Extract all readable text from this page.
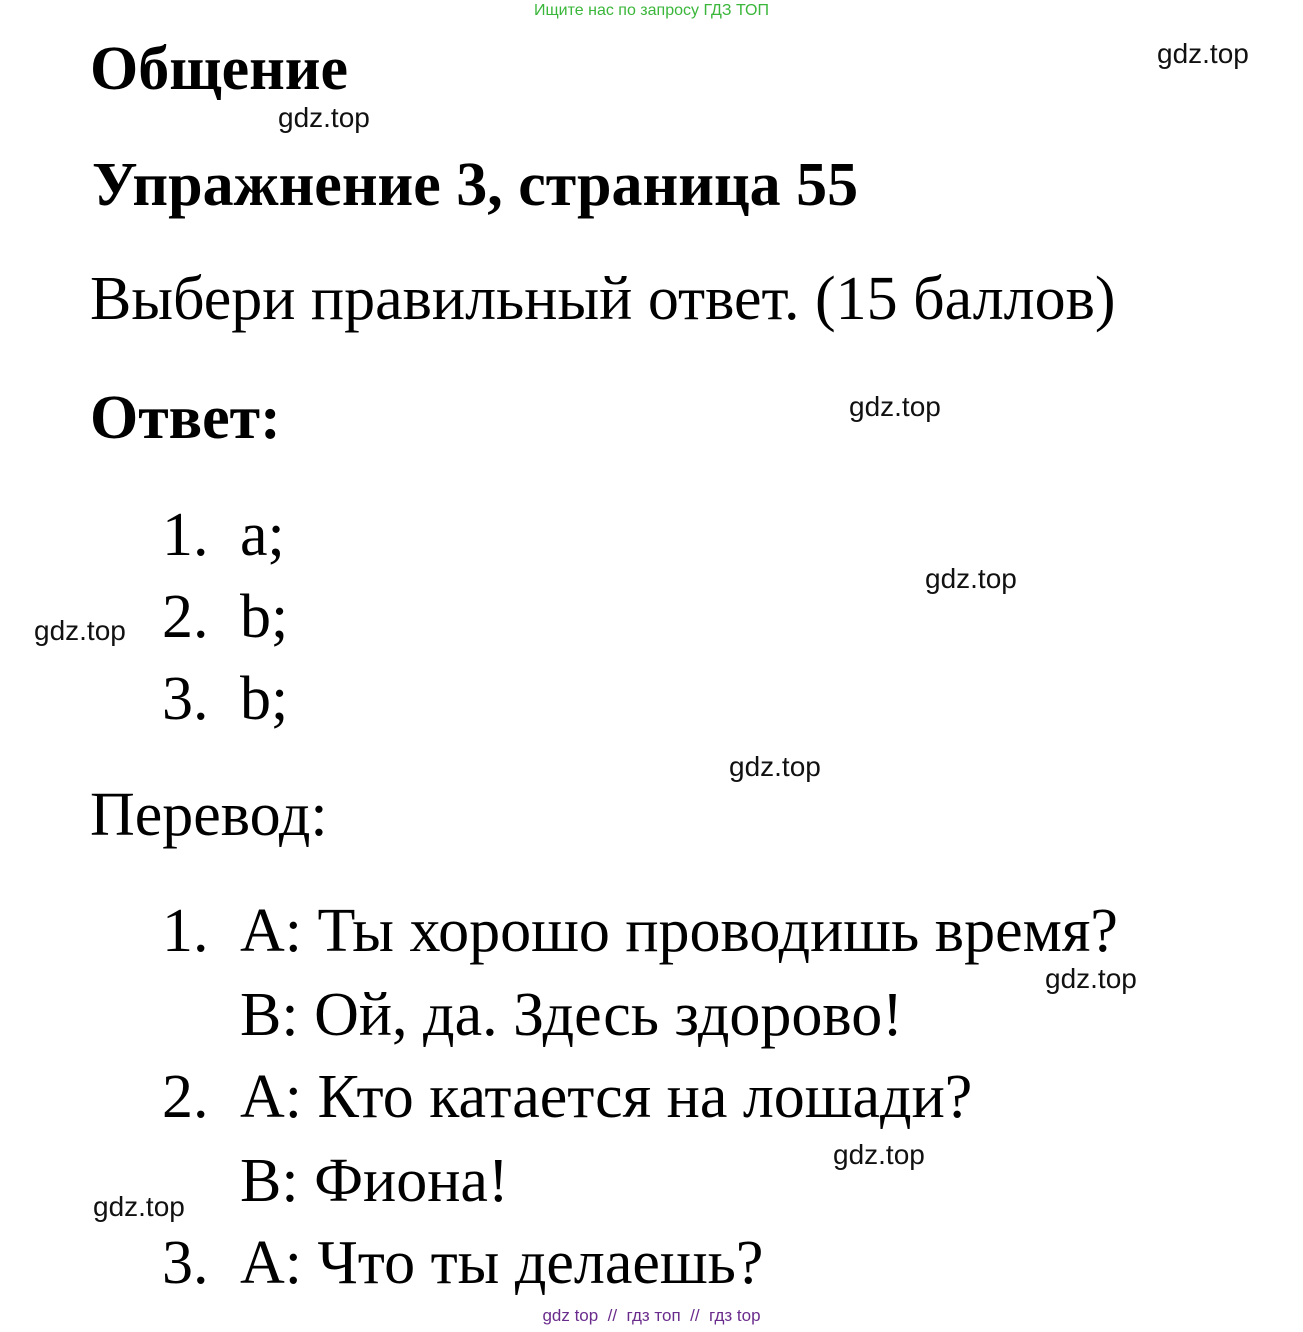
Ищите нас по запросу ГДЗ ТОП
Общение
Упражнение 3, страница 55
Выбери правильный ответ. (15 баллов)
Ответ:
1. a;
2. b;
3. b;
Перевод:
1. A: Ты хорошо проводишь время?
B: Ой, да. Здесь здорово!
2. A: Кто катается на лошади?
B: Фиона!
3. A: Что ты делаешь?
gdz.top
gdz.top
gdz.top
gdz.top
gdz.top
gdz.top
gdz.top
gdz.top
gdz.top
gdz top  //  гдз топ  //  гдз top
